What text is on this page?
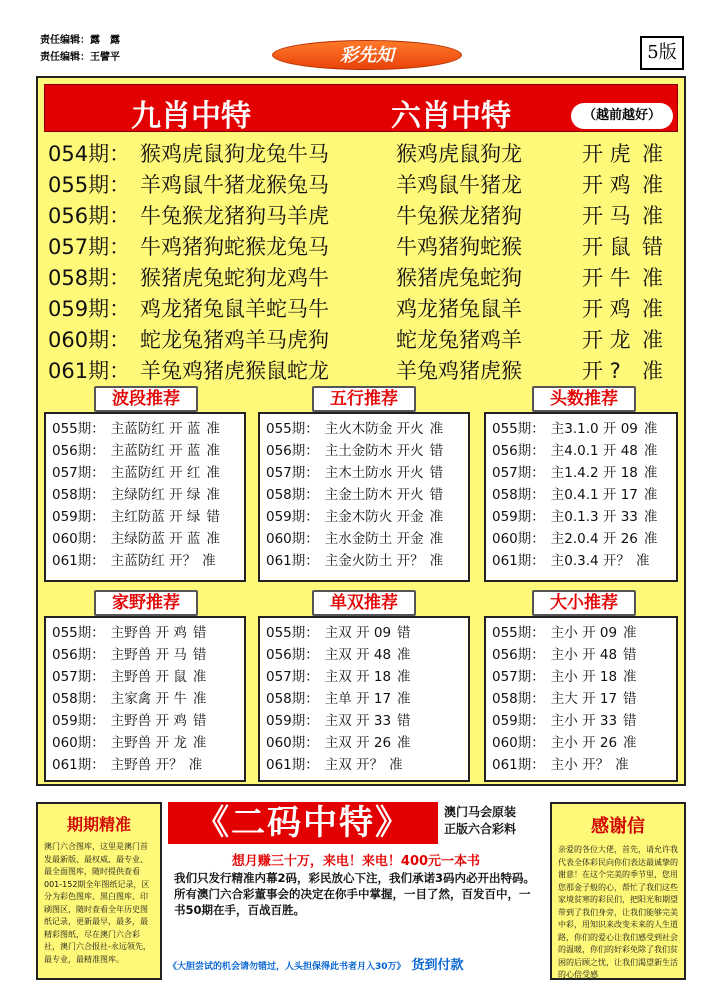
责任编辑：露　露
责任编辑：王譬平	彩先知	5版
九肖中特	六肖中特	（越前越好）
054期： 猴鸡虎鼠狗龙兔牛马	猴鸡虎鼠狗龙	开 虎 准
055期： 羊鸡鼠牛猪龙猴兔马	羊鸡鼠牛猪龙	开 鸡 准
056期： 牛兔猴龙猪狗马羊虎	牛兔猴龙猪狗	开 马 准
057期： 牛鸡猪狗蛇猴龙兔马	牛鸡猪狗蛇猴	开 鼠 错
058期： 猴猪虎兔蛇狗龙鸡牛	猴猪虎兔蛇狗	开 牛 准
059期： 鸡龙猪兔鼠羊蛇马牛	鸡龙猪兔鼠羊	开 鸡 准
060期： 蛇龙兔猪鸡羊马虎狗	蛇龙兔猪鸡羊	开 龙 准
061期： 羊兔鸡猪虎猴鼠蛇龙	羊兔鸡猪虎猴	开 ? 准
波段推荐
055期： 主蓝防红 开 蓝 准
056期： 主蓝防红 开 蓝 准
057期： 主蓝防红 开 红 准
058期： 主绿防红 开 绿 准
059期： 主红防蓝 开 绿 错
060期： 主绿防蓝 开 蓝 准
061期： 主蓝防红 开？ 准
五行推荐
055期： 主火木防金 开火 准
056期： 主土金防木 开火 错
057期： 主木土防水 开火 错
058期： 主金土防木 开火 错
059期： 主金木防火 开金 准
060期： 主水金防土 开金 准
061期： 主金火防土 开？ 准
头数推荐
055期： 主3.1.0 开 09 准
056期： 主4.0.1 开 48 准
057期： 主1.4.2 开 18 准
058期： 主0.4.1 开 17 准
059期： 主0.1.3 开 33 准
060期： 主2.0.4 开 26 准
061期： 主0.3.4 开？ 准
家野推荐
055期： 主野兽 开 鸡 错
056期： 主野兽 开 马 错
057期： 主野兽 开 鼠 准
058期： 主家禽 开 牛 准
059期： 主野兽 开 鸡 错
060期： 主野兽 开 龙 准
061期： 主野兽 开？ 准
单双推荐
055期： 主双 开 09 错
056期： 主双 开 48 准
057期： 主双 开 18 准
058期： 主单 开 17 准
059期： 主双 开 33 错
060期： 主双 开 26 准
061期： 主双 开？ 准
大小推荐
055期： 主小 开 09 准
056期： 主小 开 48 错
057期： 主小 开 18 准
058期： 主大 开 17 错
059期： 主小 开 33 错
060期： 主小 开 26 准
061期： 主小 开？ 准
期期精准
澳门六合图库，这里是澳门首发最新版、最权威、最专业、最全面图库，随时提供查看001-152期全年图纸记录，区分为彩色图库、黑白图库、印刷图区，随时查看全年历史图纸记录，更新最早，最多，最精彩图纸，尽在澳门六合彩社，澳门六合报社-永远领先，最专业，最精准图库。
《二码中特》	澳门马会原装
正版六合彩料
想月赚三十万，来电！来电！400元一本书
我们只发行精准内幕2码，彩民放心下注，我们承诺3码内必开出特码。所有澳门六合彩董事会的决定在你手中掌握，一目了然，百发百中，一书50期在手，百战百胜。
《大胆尝试的机会请勿错过，人头担保得此书者月入30万》 货到付款
感谢信
亲爱的各位大佬，首先，请允许我代表全体彩民向你们表达最诚挚的谢意！在这个完美的季节里，您用您那金子般的心，帮忙了我们这些家境贫寒的彩民们，把阳光和期望带到了我们身旁，让我们能够完美中彩，用知识来改变未来的人生道路，你们的爱心让我们感受到社会的温暖，你们的好彩免除了我们贫困的后顾之忧，让我们渴望新生活的心倍受感
